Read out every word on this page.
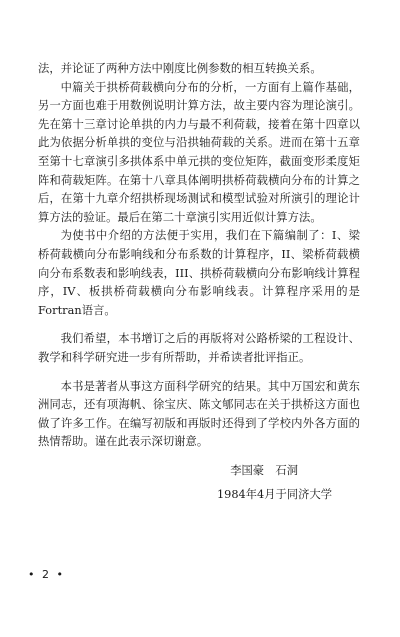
法，并论证了两种方法中刚度比例参数的相互转换关系。

中篇关于拱桥荷载横向分布的分析，一方面有上篇作基础，另一方面也难于用数例说明计算方法，故主要内容为理论演引。先在第十三章讨论单拱的内力与最不利荷载，接着在第十四章以此为依据分析单拱的变位与沿拱轴荷载的关系。进而在第十五章至第十七章演引多拱体系中单元拱的变位矩阵，截面变形柔度矩阵和荷载矩阵。在第十八章具体阐明拱桥荷载横向分布的计算之后，在第十九章介绍拱桥现场测试和模型试验对所演引的理论计算方法的验证。最后在第二十章演引实用近似计算方法。

为使书中介绍的方法便于实用，我们在下篇编制了：I、梁桥荷载横向分布影响线和分布系数的计算程序，II、梁桥荷载横向分布系数表和影响线表，III、拱桥荷载横向分布影响线计算程序，IV、板拱桥荷载横向分布影响线表。计算程序采用的是Fortran语言。

我们希望，本书增订之后的再版将对公路桥梁的工程设计、教学和科学研究进一步有所帮助，并希读者批评指正。

本书是著者从事这方面科学研究的结果。其中万国宏和黄东洲同志，还有项海帆、徐宝庆、陈文郇同志在关于拱桥这方面也做了许多工作。在编写初版和再版时还得到了学校内外各方面的热情帮助。谨在此表示深切谢意。

李国豪　石洞
1984年4月于同济大学
• 2 •
